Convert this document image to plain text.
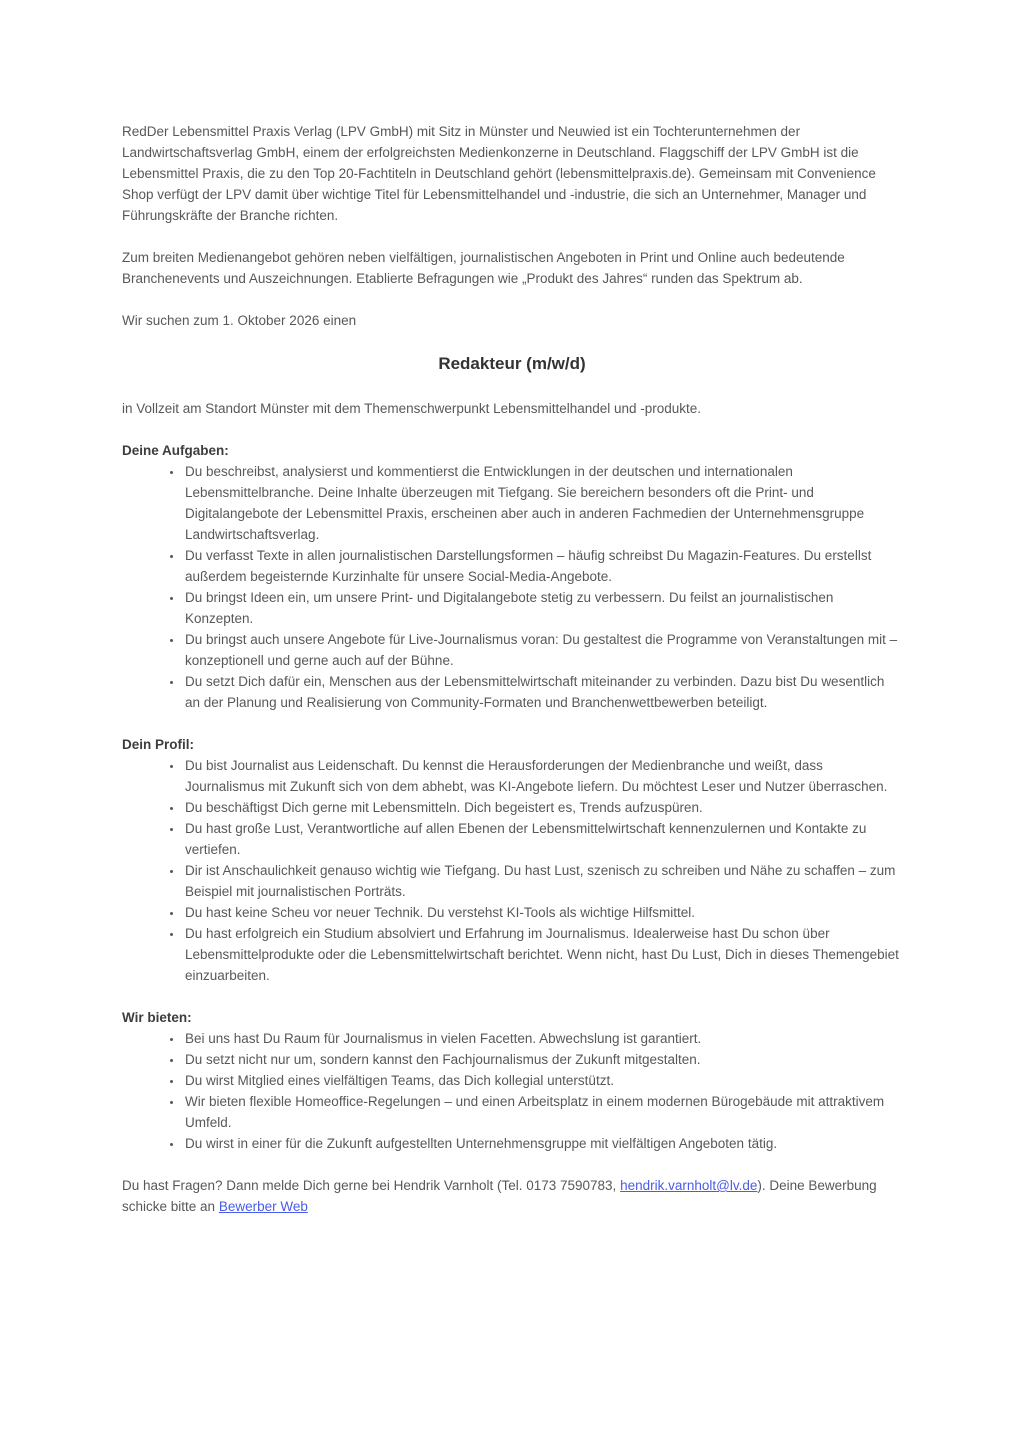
RedDer Lebensmittel Praxis Verlag (LPV GmbH) mit Sitz in Münster und Neuwied ist ein Tochterunternehmen der Landwirtschaftsverlag GmbH, einem der erfolgreichsten Medienkonzerne in Deutschland. Flaggschiff der LPV GmbH ist die Lebensmittel Praxis, die zu den Top 20-Fachtiteln in Deutschland gehört (lebensmittelpraxis.de). Gemeinsam mit Convenience Shop verfügt der LPV damit über wichtige Titel für Lebensmittelhandel und -industrie, die sich an Unternehmer, Manager und Führungskräfte der Branche richten.

Zum breiten Medienangebot gehören neben vielfältigen, journalistischen Angeboten in Print und Online auch bedeutende Branchenevents und Auszeichnungen. Etablierte Befragungen wie „Produkt des Jahres“ runden das Spektrum ab.

Wir suchen zum 1. Oktober 2026 einen

Redakteur (m/w/d)

in Vollzeit am Standort Münster mit dem Themenschwerpunkt Lebensmittelhandel und -produkte.

Deine Aufgaben:
• Du beschreibst, analysierst und kommentierst die Entwicklungen in der deutschen und internationalen Lebensmittelbranche. Deine Inhalte überzeugen mit Tiefgang. Sie bereichern besonders oft die Print- und Digitalangebote der Lebensmittel Praxis, erscheinen aber auch in anderen Fachmedien der Unternehmensgruppe Landwirtschaftsverlag.
• Du verfasst Texte in allen journalistischen Darstellungsformen – häufig schreibst Du Magazin-Features. Du erstellst außerdem begeisternde Kurzinhalte für unsere Social-Media-Angebote.
• Du bringst Ideen ein, um unsere Print- und Digitalangebote stetig zu verbessern. Du feilst an journalistischen Konzepten.
• Du bringst auch unsere Angebote für Live-Journalismus voran: Du gestaltest die Programme von Veranstaltungen mit – konzeptionell und gerne auch auf der Bühne.
• Du setzt Dich dafür ein, Menschen aus der Lebensmittelwirtschaft miteinander zu verbinden. Dazu bist Du wesentlich an der Planung und Realisierung von Community-Formaten und Branchenwettbewerben beteiligt.
Dein Profil:
• Du bist Journalist aus Leidenschaft. Du kennst die Herausforderungen der Medienbranche und weißt, dass Journalismus mit Zukunft sich von dem abhebt, was KI-Angebote liefern. Du möchtest Leser und Nutzer überraschen.
• Du beschäftigst Dich gerne mit Lebensmitteln. Dich begeistert es, Trends aufzuspüren.
• Du hast große Lust, Verantwortliche auf allen Ebenen der Lebensmittelwirtschaft kennenzulernen und Kontakte zu vertiefen.
• Dir ist Anschaulichkeit genauso wichtig wie Tiefgang. Du hast Lust, szenisch zu schreiben und Nähe zu schaffen – zum Beispiel mit journalistischen Porträts.
• Du hast keine Scheu vor neuer Technik. Du verstehst KI-Tools als wichtige Hilfsmittel.
• Du hast erfolgreich ein Studium absolviert und Erfahrung im Journalismus. Idealerweise hast Du schon über Lebensmittelprodukte oder die Lebensmittelwirtschaft berichtet. Wenn nicht, hast Du Lust, Dich in dieses Themengebiet einzuarbeiten.
Wir bieten:
• Bei uns hast Du Raum für Journalismus in vielen Facetten. Abwechslung ist garantiert.
• Du setzt nicht nur um, sondern kannst den Fachjournalismus der Zukunft mitgestalten.
• Du wirst Mitglied eines vielfältigen Teams, das Dich kollegial unterstützt.
• Wir bieten flexible Homeoffice-Regelungen – und einen Arbeitsplatz in einem modernen Bürogebäude mit attraktivem Umfeld.
• Du wirst in einer für die Zukunft aufgestellten Unternehmensgruppe mit vielfältigen Angeboten tätig.

Du hast Fragen? Dann melde Dich gerne bei Hendrik Varnholt (Tel. 0173 7590783, hendrik.varnholt@lv.de). Deine Bewerbung schicke bitte an Bewerber Web
